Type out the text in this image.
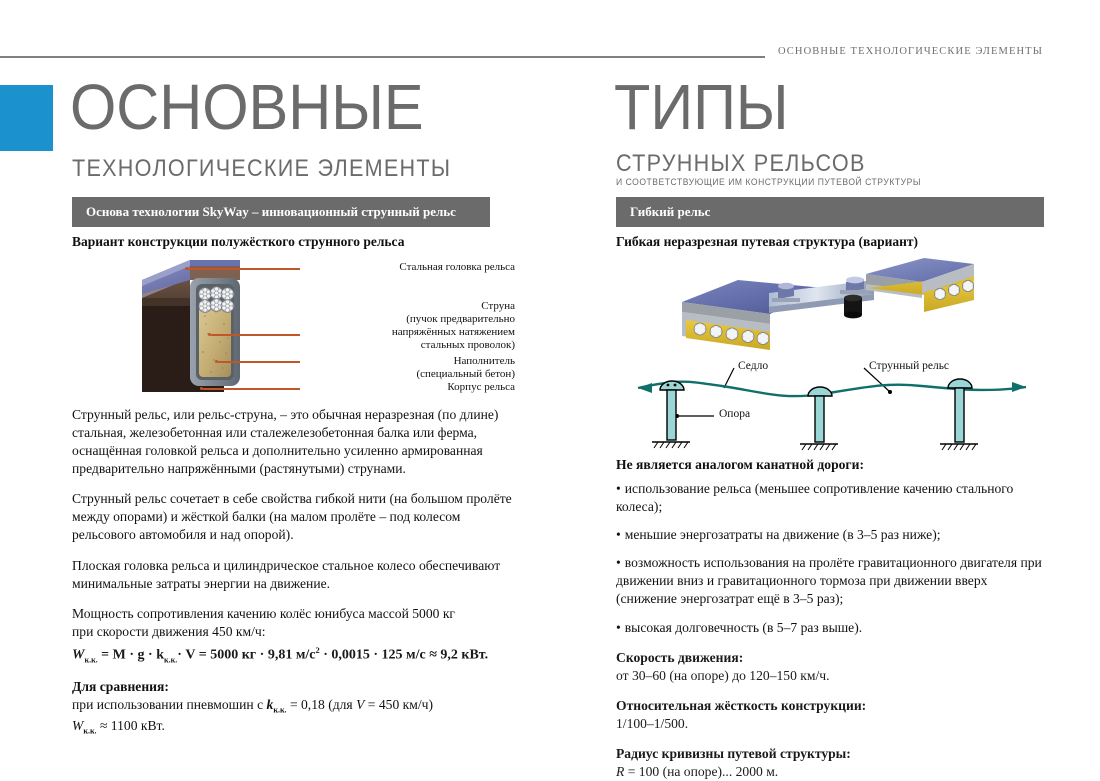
ОСНОВНЫЕ ТЕХНОЛОГИЧЕСКИЕ ЭЛЕМЕНТЫ
ОСНОВНЫЕ
ТЕХНОЛОГИЧЕСКИЕ ЭЛЕМЕНТЫ
Основа технологии SkyWay – инновационный струнный рельс
Вариант конструкции полужёсткого струнного рельса
Стальная головка рельса
Струна
(пучок предварительно
напряжённых натяжением
стальных проволок)
Наполнитель
(специальный бетон)
Корпус рельса

Струнный рельс, или рельс-струна, – это обычная неразрезная (по длине) стальная, железобетонная или сталежелезобетонная балка или ферма, оснащённая головкой рельса и дополнительно усиленно армированная предварительно напряжёнными (растянутыми) струнами.

Струнный рельс сочетает в себе свойства гибкой нити (на большом пролёте между опорами) и жёсткой балки (на малом пролёте – под колесом рельсового автомобиля и над опорой).

Плоская головка рельса и цилиндрическое стальное колесо обеспечивают минимальные затраты энергии на движение.

Мощность сопротивления качению колёс юнибуса массой 5000 кг

при скорости движения 450 км/ч:

$W_{к.к.} = M \cdot g \cdot k_{к.к.}\cdot V = 5000$ кг · 9,81 $м/с^2 \cdot 0,0015 \cdot 125$ м/с ≈ 9,2 кВт.

Для сравнения:

при использовании пневмошин с $k_{к.к.} = 0,18$ (для V = 450 км/ч)

$W_{к.к.} \approx 1100$ кВт.

ТИПЫ
СТРУННЫХ РЕЛЬСОВ
И СООТВЕТСТВУЮЩИЕ ИМ КОНСТРУКЦИИ ПУТЕВОЙ СТРУКТУРЫ
Гибкий рельс
Гибкая неразрезная путевая структура (вариант)
Седло	Струнный рельс
Опора

Не является аналогом канатной дороги:

• использование рельса (меньшее сопротивление качению стального колеса);
• меньшие энергозатраты на движение (в 3–5 раз ниже);
• возможность использования на пролёте гравитационного двигателя при движении вниз и гравитационного тормоза при движении вверх (снижение энергозатрат ещё в 3–5 раз);
• высокая долговечность (в 5–7 раз выше).
Скорость движения:
от 30–60 (на опоре) до 120–150 км/ч.
Относительная жёсткость конструкции:
1/100–1/500.
Радиус кривизны путевой структуры:
R = 100 (на опоре)... 2000 м.
